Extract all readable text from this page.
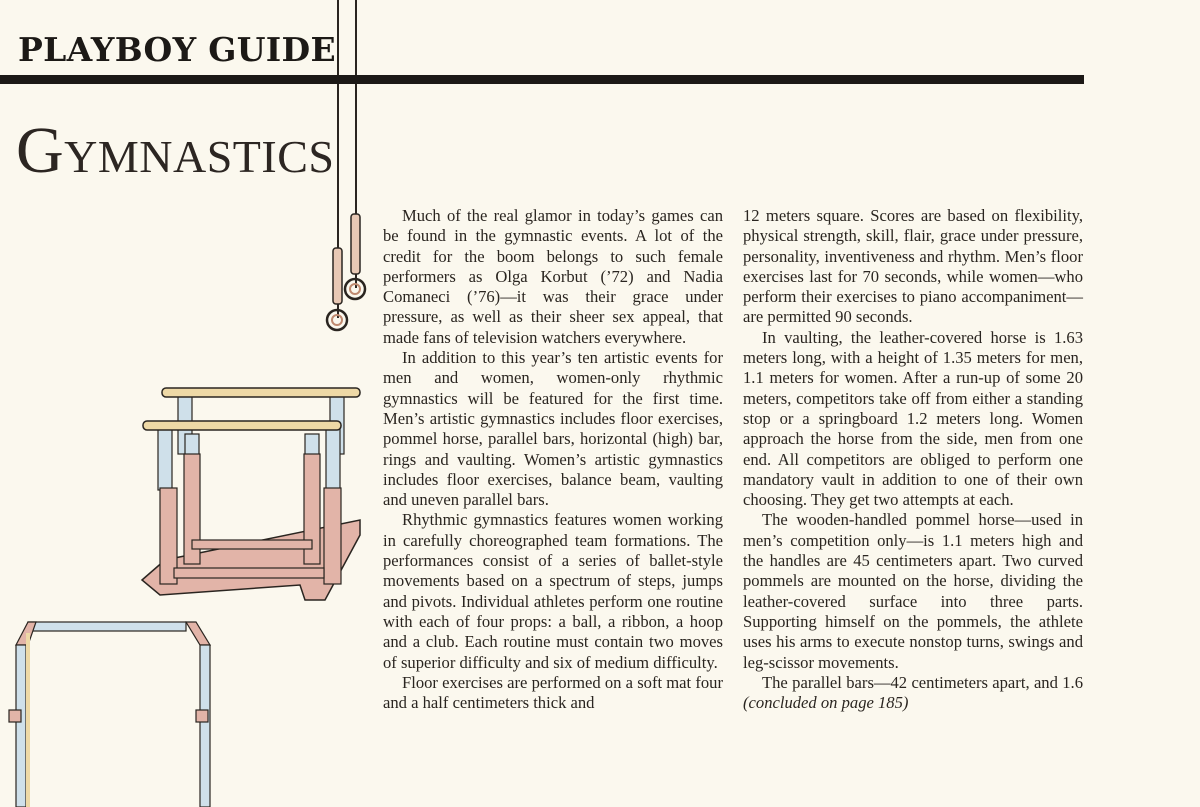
PLAYBOY GUIDE
Gymnastics

Much of the real glamor in today’s games can be found in the gymnastic events. A lot of the credit for the boom belongs to such female performers as Olga Korbut (’72) and Nadia Comaneci (’76)—it was their grace under pressure, as well as their sheer sex appeal, that made fans of television watchers everywhere.

In addition to this year’s ten artistic events for men and women, women-only rhythmic gymnastics will be featured for the first time. Men’s artistic gymnastics includes floor exercises, pommel horse, parallel bars, horizontal (high) bar, rings and vaulting. Women’s artistic gymnastics includes floor exercises, balance beam, vaulting and uneven parallel bars.

Rhythmic gymnastics features women working in carefully choreographed team formations. The performances consist of a series of ballet-style movements based on a spectrum of steps, jumps and pivots. Individual athletes perform one routine with each of four props: a ball, a ribbon, a hoop and a club. Each routine must contain two moves of superior difficulty and six of medium difficulty.

Floor exercises are performed on a soft mat four and a half centimeters thick and

12 meters square. Scores are based on flexibility, physical strength, skill, flair, grace under pressure, personality, inventiveness and rhythm. Men’s floor exercises last for 70 seconds, while women—who perform their exercises to piano accompaniment—are permitted 90 seconds.

In vaulting, the leather-covered horse is 1.63 meters long, with a height of 1.35 meters for men, 1.1 meters for women. After a run-up of some 20 meters, competitors take off from either a standing stop or a springboard 1.2 meters long. Women approach the horse from the side, men from one end. All competitors are obliged to perform one mandatory vault in addition to one of their own choosing. They get two attempts at each.

The wooden-handled pommel horse—used in men’s competition only—is 1.1 meters high and the handles are 45 centimeters apart. Two curved pommels are mounted on the horse, dividing the leather-covered surface into three parts. Supporting himself on the pommels, the athlete uses his arms to execute nonstop turns, swings and leg-scissor movements.

The parallel bars—42 centimeters apart, and 1.6 (concluded on page 185)
